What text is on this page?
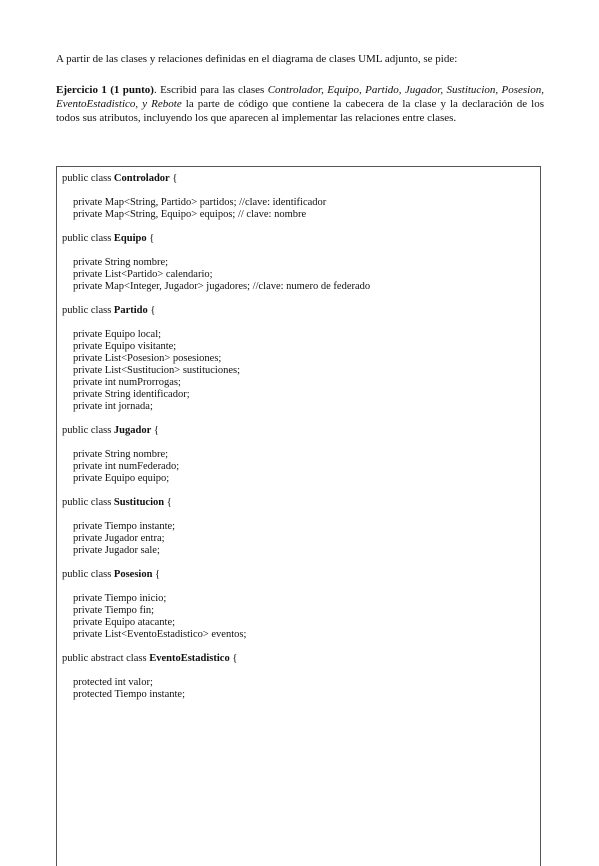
A partir de las clases y relaciones definidas en el diagrama de clases UML adjunto, se pide:

Ejercicio 1 (1 punto). Escribid para las clases Controlador, Equipo, Partido, Jugador, Sustitucion, Posesion, EventoEstadistico, y Rebote la parte de código que contiene la cabecera de la clase y la declaración de los todos sus atributos, incluyendo los que aparecen al implementar las relaciones entre clases.

public class Controlador {
private Map<String, Partido> partidos; //clave: identificador
private Map<String, Equipo> equipos; // clave: nombre
public class Equipo {
private String nombre;
private List<Partido> calendario;
private Map<Integer, Jugador> jugadores; //clave: numero de federado
public class Partido {
private Equipo local;
private Equipo visitante;
private List<Posesion> posesiones;
private List<Sustitucion> sustituciones;
private int numProrrogas;
private String identificador;
private int jornada;
public class Jugador {
private String nombre;
private int numFederado;
private Equipo equipo;
public class Sustitucion {
private Tiempo instante;
private Jugador entra;
private Jugador sale;
public class Posesion {
private Tiempo inicio;
private Tiempo fin;
private Equipo atacante;
private List<EventoEstadistico> eventos;
public abstract class EventoEstadistico {
protected int valor;
protected Tiempo instante;
